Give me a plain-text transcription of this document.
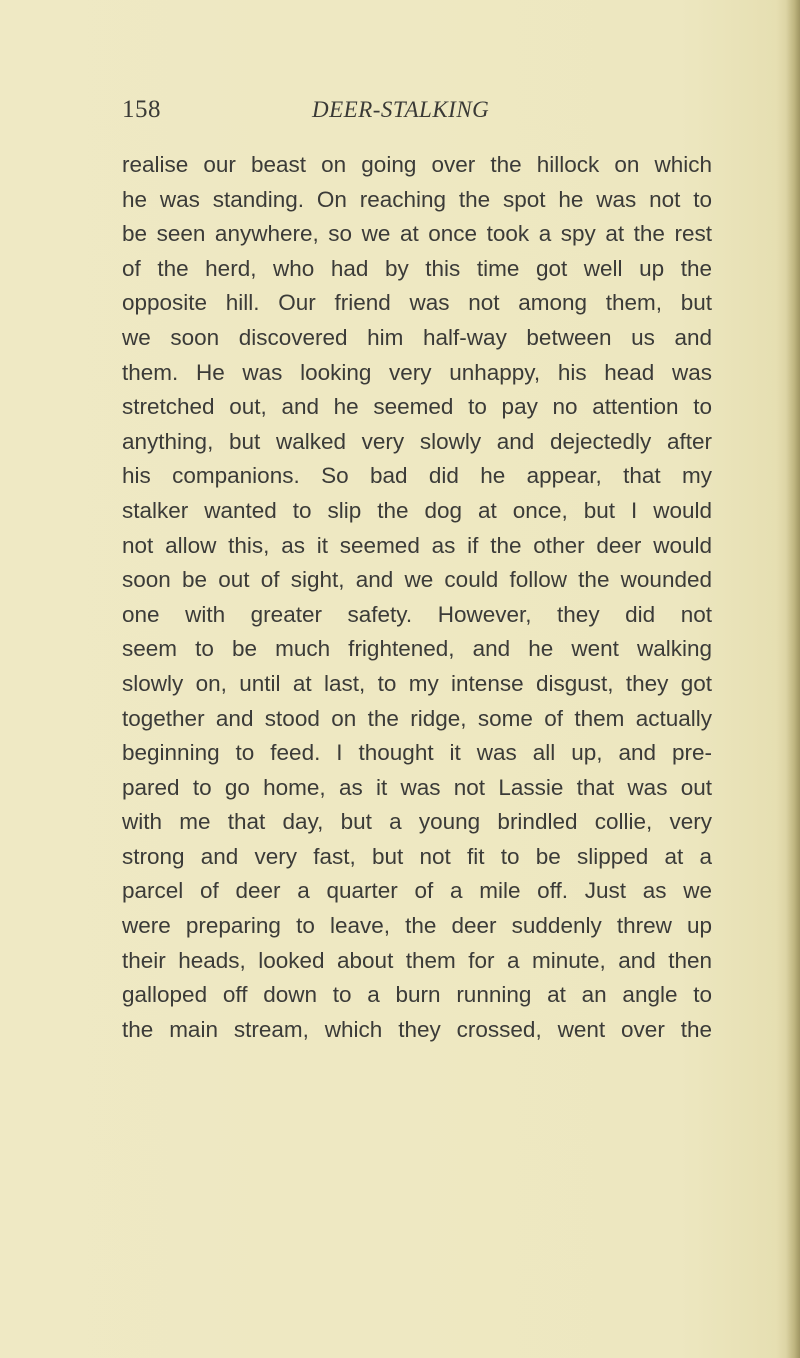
158	DEER-STALKING
realise our beast on going over the hillock on which
he was standing. On reaching the spot he was not to
be seen anywhere, so we at once took a spy at the rest
of the herd, who had by this time got well up the
opposite hill. Our friend was not among them, but
we soon discovered him half-way between us and
them. He was looking very unhappy, his head was
stretched out, and he seemed to pay no attention to
anything, but walked very slowly and dejectedly after
his companions. So bad did he appear, that my
stalker wanted to slip the dog at once, but I would
not allow this, as it seemed as if the other deer would
soon be out of sight, and we could follow the wounded
one with greater safety. However, they did not
seem to be much frightened, and he went walking
slowly on, until at last, to my intense disgust, they got
together and stood on the ridge, some of them actually
beginning to feed. I thought it was all up, and pre-
pared to go home, as it was not Lassie that was out
with me that day, but a young brindled collie, very
strong and very fast, but not fit to be slipped at a
parcel of deer a quarter of a mile off. Just as we
were preparing to leave, the deer suddenly threw up
their heads, looked about them for a minute, and then
galloped off down to a burn running at an angle to
the main stream, which they crossed, went over the
